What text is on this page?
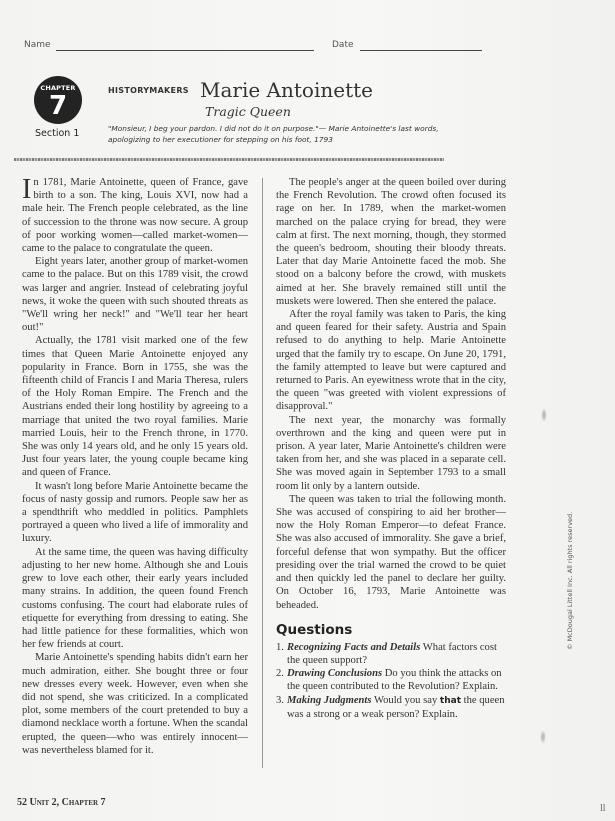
Name	Date
CHAPTER
7
Section 1
HISTORYMAKERS Marie Antoinette
Tragic Queen
"Monsieur, I beg your pardon. I did not do it on purpose."— Marie Antoinette's last words, apologizing to her executioner for stepping on his foot, 1793

In 1781, Marie Antoinette, queen of France, gave birth to a son. The king, Louis XVI, now had a male heir. The French people celebrated, as the line of succession to the throne was now secure. A group of poor working women—called market-women—came to the palace to congratulate the queen.

Eight years later, another group of market-women came to the palace. But on this 1789 visit, the crowd was larger and angrier. Instead of celebrating joyful news, it woke the queen with such shouted threats as "We'll wring her neck!" and "We'll tear her heart out!"

Actually, the 1781 visit marked one of the few times that Queen Marie Antoinette enjoyed any popularity in France. Born in 1755, she was the fifteenth child of Francis I and Maria Theresa, rulers of the Holy Roman Empire. The French and the Austrians ended their long hostility by agreeing to a marriage that united the two royal families. Marie married Louis, heir to the French throne, in 1770. She was only 14 years old, and he only 15 years old. Just four years later, the young couple became king and queen of France.

It wasn't long before Marie Antoinette became the focus of nasty gossip and rumors. People saw her as a spendthrift who meddled in politics. Pamphlets portrayed a queen who lived a life of immorality and luxury.

At the same time, the queen was having difficulty adjusting to her new home. Although she and Louis grew to love each other, their early years included many strains. In addition, the queen found French customs confusing. The court had elaborate rules of etiquette for everything from dressing to eating. She had little patience for these formalities, which won her few friends at court.

Marie Antoinette's spending habits didn't earn her much admiration, either. She bought three or four new dresses every week. However, even when she did not spend, she was criticized. In a complicated plot, some members of the court pretended to buy a diamond necklace worth a fortune. When the scandal erupted, the queen—who was entirely innocent—was nevertheless blamed for it.

The people's anger at the queen boiled over during the French Revolution. The crowd often focused its rage on her. In 1789, when the market-women marched on the palace crying for bread, they were calm at first. The next morning, though, they stormed the queen's bedroom, shouting their bloody threats. Later that day Marie Antoinette faced the mob. She stood on a balcony before the crowd, with muskets aimed at her. She bravely remained still until the muskets were lowered. Then she entered the palace.

After the royal family was taken to Paris, the king and queen feared for their safety. Austria and Spain refused to do anything to help. Marie Antoinette urged that the family try to escape. On June 20, 1791, the family attempted to leave but were captured and returned to Paris. An eyewitness wrote that in the city, the queen "was greeted with violent expressions of disapproval."

The next year, the monarchy was formally overthrown and the king and queen were put in prison. A year later, Marie Antoinette's children were taken from her, and she was placed in a separate cell. She was moved again in September 1793 to a small room lit only by a lantern outside.

The queen was taken to trial the following month. She was accused of conspiring to aid her brother—now the Holy Roman Emperor—to defeat France. She was also accused of immorality. She gave a brief, forceful defense that won sympathy. But the officer presiding over the trial warned the crowd to be quiet and then quickly led the panel to declare her guilty. On October 16, 1793, Marie Antoinette was beheaded.

Questions
1. Recognizing Facts and Details What factors cost the queen support?
2. Drawing Conclusions Do you think the attacks on the queen contributed to the Revolution? Explain.
3. Making Judgments Would you say that the queen was a strong or a weak person? Explain.
© McDougal Littell Inc. All rights reserved.
52 Unit 2, Chapter 7
ll
